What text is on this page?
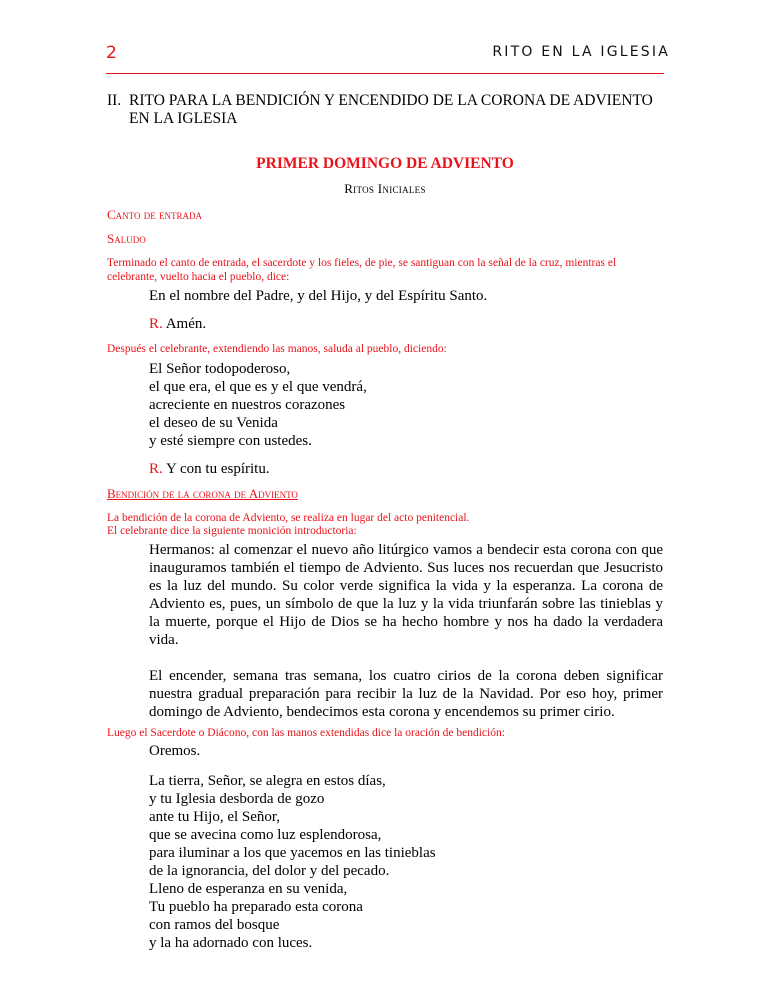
2	RITO EN LA IGLESIA
II. RITO PARA LA BENDICIÓN Y ENCENDIDO DE LA CORONA DE ADVIENTO EN LA IGLESIA
PRIMER DOMINGO DE ADVIENTO
Ritos Iniciales
Canto de entrada
Saludo
Terminado el canto de entrada, el sacerdote y los fieles, de pie, se santiguan con la señal de la cruz, mientras el celebrante, vuelto hacia el pueblo, dice:
En el nombre del Padre, y del Hijo, y del Espíritu Santo.
R. Amén.
Después el celebrante, extendiendo las manos, saluda al pueblo, diciendo:
El Señor todopoderoso,
el que era, el que es y el que vendrá,
acreciente en nuestros corazones
el deseo de su Venida
y esté siempre con ustedes.
R. Y con tu espíritu.
Bendición de la corona de Adviento
La bendición de la corona de Adviento, se realiza en lugar del acto penitencial.
El celebrante dice la siguiente monición introductoria:
Hermanos: al comenzar el nuevo año litúrgico vamos a bendecir esta corona con que inauguramos también el tiempo de Adviento. Sus luces nos recuerdan que Jesucristo es la luz del mundo. Su color verde significa la vida y la esperanza. La corona de Adviento es, pues, un símbolo de que la luz y la vida triunfarán sobre las tinieblas y la muerte, porque el Hijo de Dios se ha hecho hombre y nos ha dado la verdadera vida.
El encender, semana tras semana, los cuatro cirios de la corona deben significar nuestra gradual preparación para recibir la luz de la Navidad. Por eso hoy, primer domingo de Adviento, bendecimos esta corona y encendemos su primer cirio.
Luego el Sacerdote o Diácono, con las manos extendidas dice la oración de bendición:
Oremos.
La tierra, Señor, se alegra en estos días,
y tu Iglesia desborda de gozo
ante tu Hijo, el Señor,
que se avecina como luz esplendorosa,
para iluminar a los que yacemos en las tinieblas
de la ignorancia, del dolor y del pecado.
Lleno de esperanza en su venida,
Tu pueblo ha preparado esta corona
con ramos del bosque
y la ha adornado con luces.
